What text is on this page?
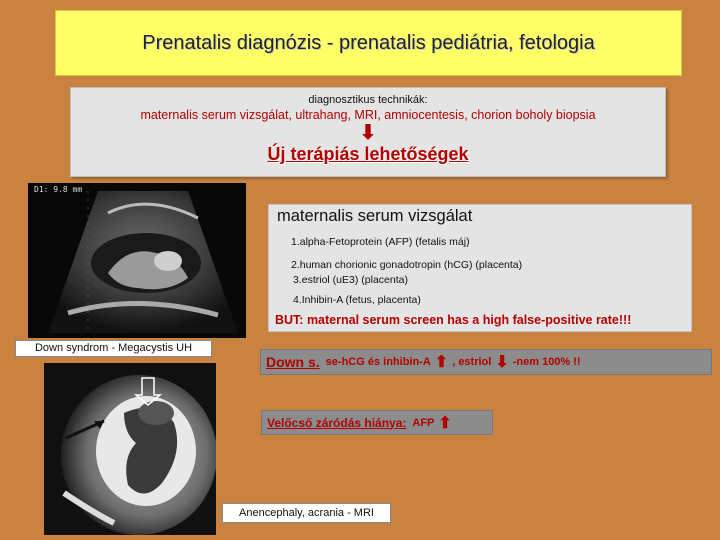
Prenatalis diagnózis - prenatalis pediátria, fetologia
diagnosztikus technikák:
maternalis serum vizsgálat, ultrahang, MRI, amniocentesis, chorion boholy biopsia
⬇
Új terápiás lehetőségek
D1: 9.8 mm
maternalis serum vizsgálat
1.alpha-Fetoprotein (AFP) (fetalis máj)
2.human chorionic gonadotropin (hCG) (placenta)
3.estriol (uE3) (placenta)
4.Inhibin-A (fetus, placenta)
BUT: maternal serum screen has a high false-positive rate!!!
Down syndrom - Megacystis UH
Down s. se-hCG és inhibin-A ⬆ , estriol ⬇ -nem 100% !!
Velőcső záródás hiánya: AFP ⬆
Anencephaly, acrania - MRI
